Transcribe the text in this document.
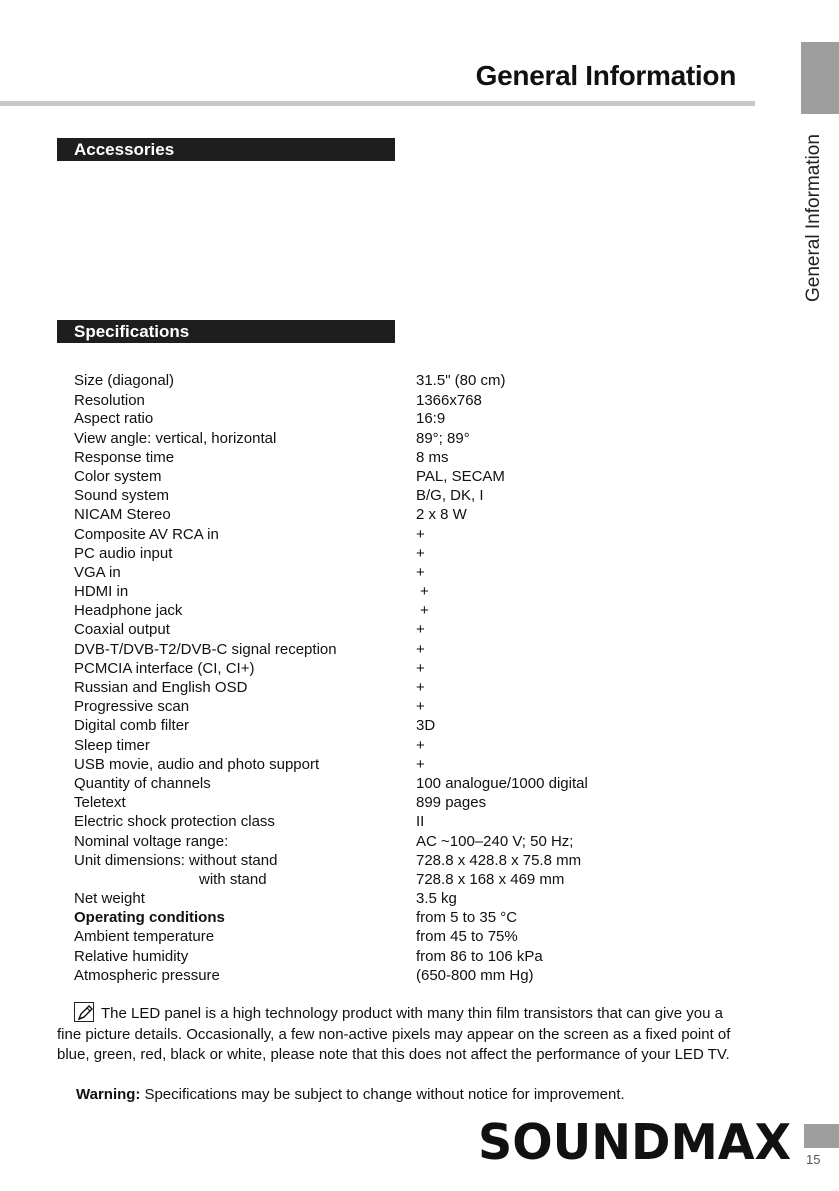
General Information
General Information
Accessories
Specifications
Size (diagonal)	31.5" (80 cm)
Resolution	1366x768
Aspect ratio	16:9
View angle: vertical, horizontal	89°; 89°
Response time	8 ms
Color system	PAL, SECAM
Sound system	B/G, DK, I
NICAM Stereo	2 x 8 W
Composite AV RCA in	+
PC audio input	+
VGA in	+
HDMI in	+
Headphone jack	+
Coaxial output	+
DVB-T/DVB-T2/DVB-C signal reception	+
PCMCIA interface (CI, CI+)	+
Russian and English OSD	+
Progressive scan	+
Digital comb filter	3D
Sleep timer	+
USB movie, audio and photo support	+
Quantity of channels	100 analogue/1000 digital
Teletext	899 pages
Electric shock protection class	II
Nominal voltage range:	AC ~100–240 V; 50 Hz;
Unit dimensions: without stand	728.8 x 428.8 x 75.8 mm
with stand	728.8 x 168 x 469 mm
Net weight	3.5 kg
Operating conditions	from 5 to 35 °C
Ambient temperature	from 45 to 75%
Relative humidity	from 86 to 106 kPa
Atmospheric pressure	(650-800 mm Hg)
The LED panel is a high technology product with many thin film transistors that can give you a fine picture details. Occasionally, a few non-active pixels may appear on the screen as a fixed point of blue, green, red, black or white, please note that this does not affect the performance of your LED TV.
Warning: Specifications may be subject to change without notice for improvement.
SOUNDMAX 15
